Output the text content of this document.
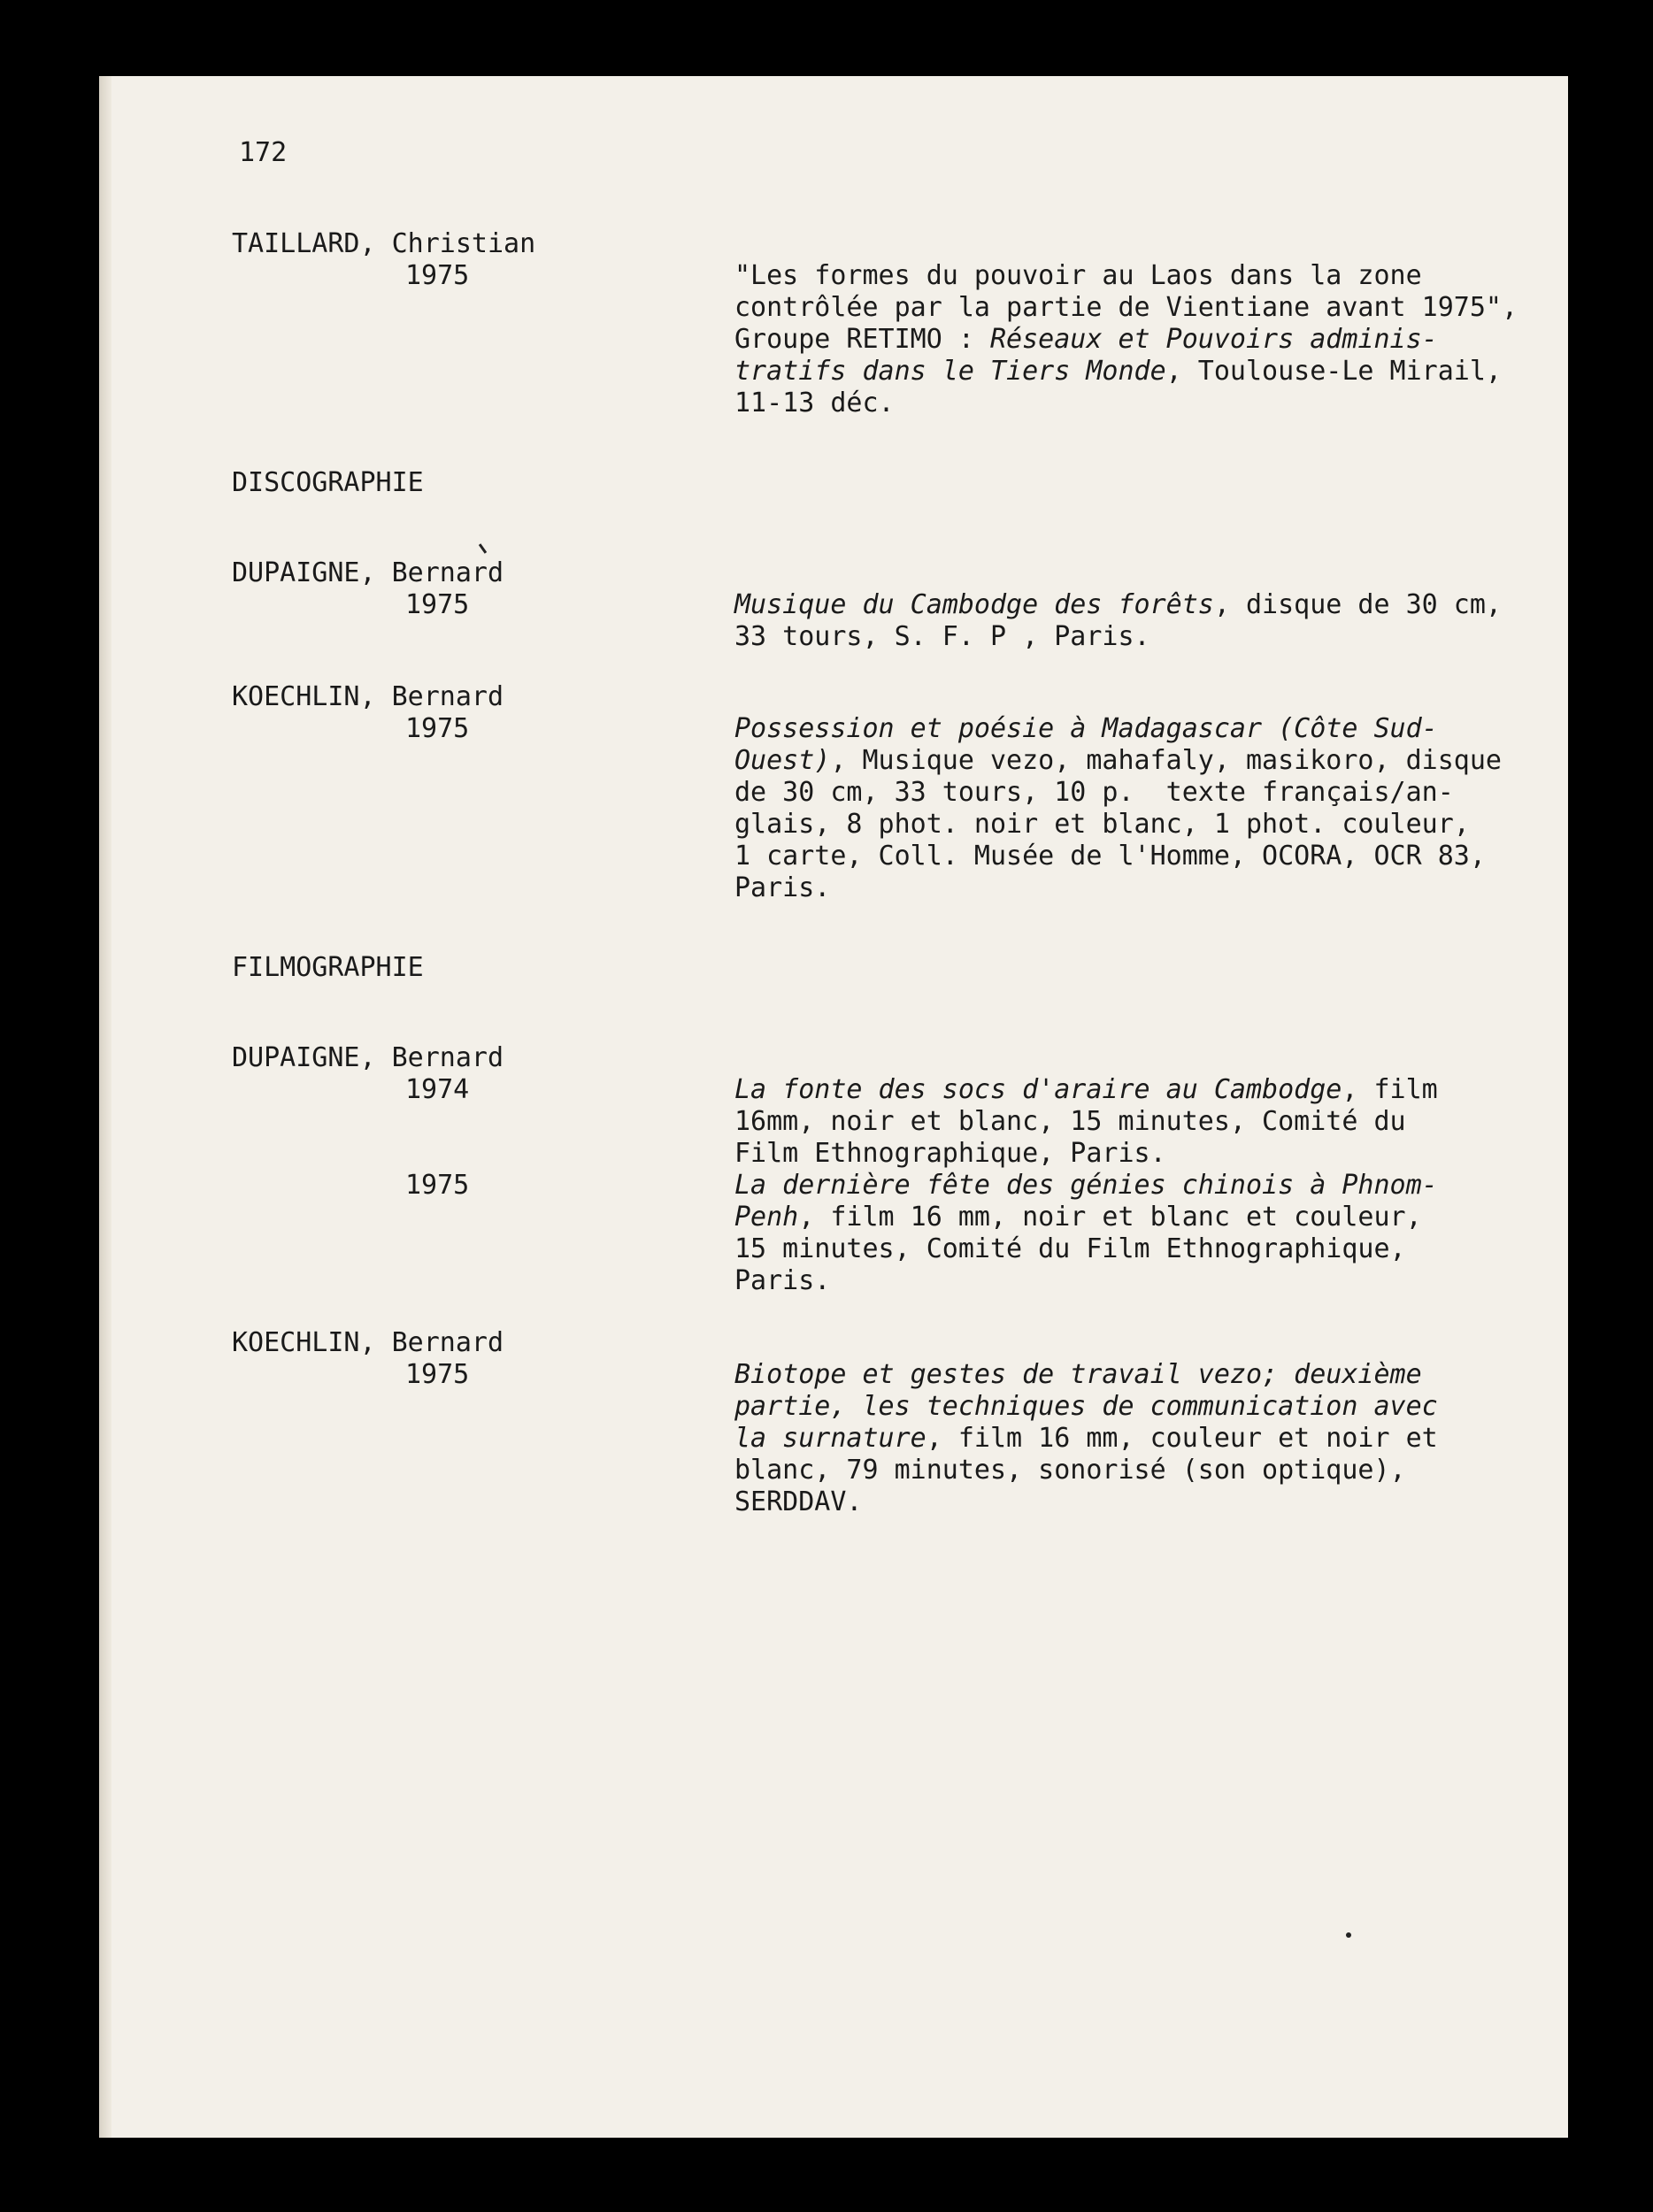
172
TAILLARD, Christian
1975	"Les formes du pouvoir au Laos dans la zone
contrôlée par la partie de Vientiane avant 1975",
Groupe RETIMO : Réseaux et Pouvoirs adminis-
tratifs dans le Tiers Monde, Toulouse-Le Mirail,
11-13 déc.
DISCOGRAPHIE
DUPAIGNE, Bernard
1975	Musique du Cambodge des forêts, disque de 30 cm,
33 tours, S. F. P , Paris.
KOECHLIN, Bernard
1975	Possession et poésie à Madagascar (Côte Sud-
Ouest), Musique vezo, mahafaly, masikoro, disque
de 30 cm, 33 tours, 10 p.  texte français/an-
glais, 8 phot. noir et blanc, 1 phot. couleur,
1 carte, Coll. Musée de l'Homme, OCORA, OCR 83,
Paris.
FILMOGRAPHIE
DUPAIGNE, Bernard
1974	La fonte des socs d'araire au Cambodge, film
16mm, noir et blanc, 15 minutes, Comité du
Film Ethnographique, Paris.
1975	La dernière fête des génies chinois à Phnom-
Penh, film 16 mm, noir et blanc et couleur,
15 minutes, Comité du Film Ethnographique,
Paris.
KOECHLIN, Bernard
1975	Biotope et gestes de travail vezo; deuxième
partie, les techniques de communication avec
la surnature, film 16 mm, couleur et noir et
blanc, 79 minutes, sonorisé (son optique),
SERDDAV.
